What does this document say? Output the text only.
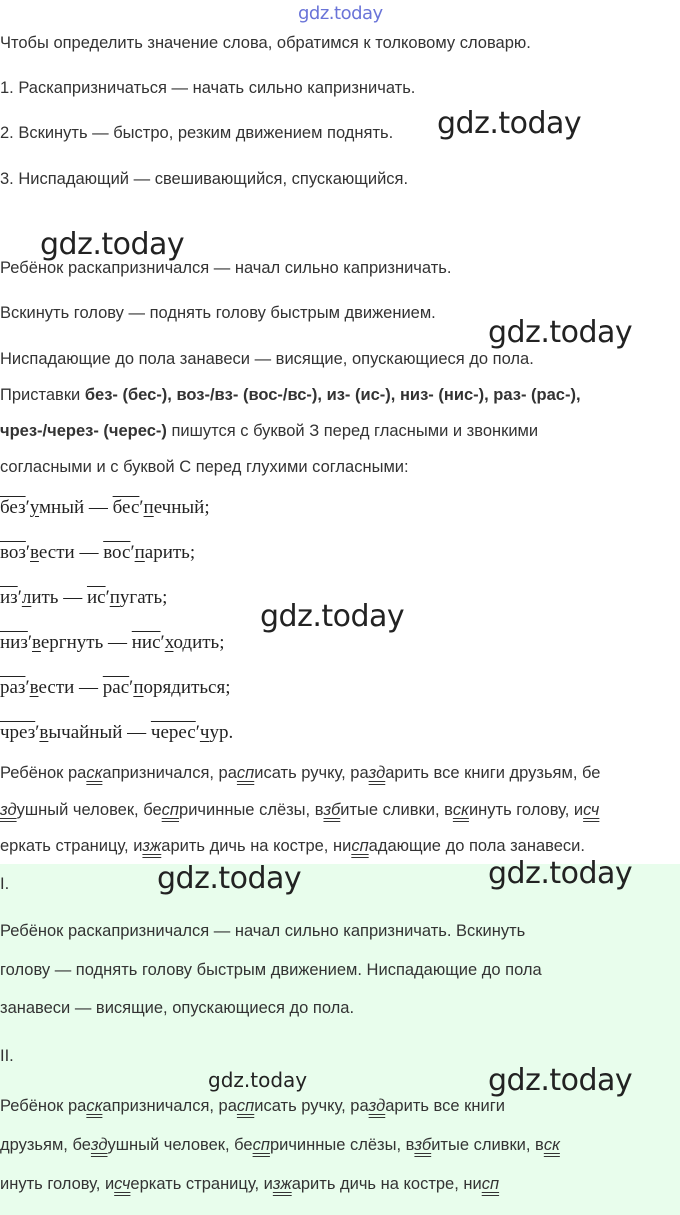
gdz.today
Чтобы определить значение слова, обратимся к толковому словарю.
1. Раскапризничаться — начать сильно капризничать.
2. Вскинуть — быстро, резким движением поднять.
3. Ниспадающий — свешивающийся, спускающийся.
Ребёнок раскапризничался — начал сильно капризничать.
Вскинуть голову — поднять голову быстрым движением.
Ниспадающие до пола занавеси — висящие, опускающиеся до пола.
Приставки без- (бес-), воз-/вз- (вос-/вс-), из- (ис-), низ- (нис-), раз- (рас-),
чрез-/через- (черес-) пишутся с буквой З перед гласными и звонкими
согласными и с буквой С перед глухими согласными:
без′умный — бес′печный;
воз′вести — вос′парить;
из′лить — ис′пугать;
низ′вергнуть — нис′ходить;
раз′вести — рас′порядиться;
чрез′вычайный — черес′чур.
Ребёнок раскапризничался, расписать ручку, раздарить все книги друзьям, бе
здушный человек, беспричинные слёзы, взбитые сливки, вскинуть голову, исч
еркать страницу, изжарить дичь на костре, ниспадающие до пола занавеси.
I.
Ребёнок раскапризничался — начал сильно капризничать. Вскинуть
голову — поднять голову быстрым движением. Ниспадающие до пола
занавеси — висящие, опускающиеся до пола.
II.
Ребёнок раскапризничался, расписать ручку, раздарить все книги
друзьям, бездушный человек, беспричинные слёзы, взбитые сливки, вск
инуть голову, исчеркать страницу, изжарить дичь на костре, нисп
gdz.today
gdz.today
gdz.today
gdz.today
gdz.today	gdz.today
gdz.today	gdz.today
